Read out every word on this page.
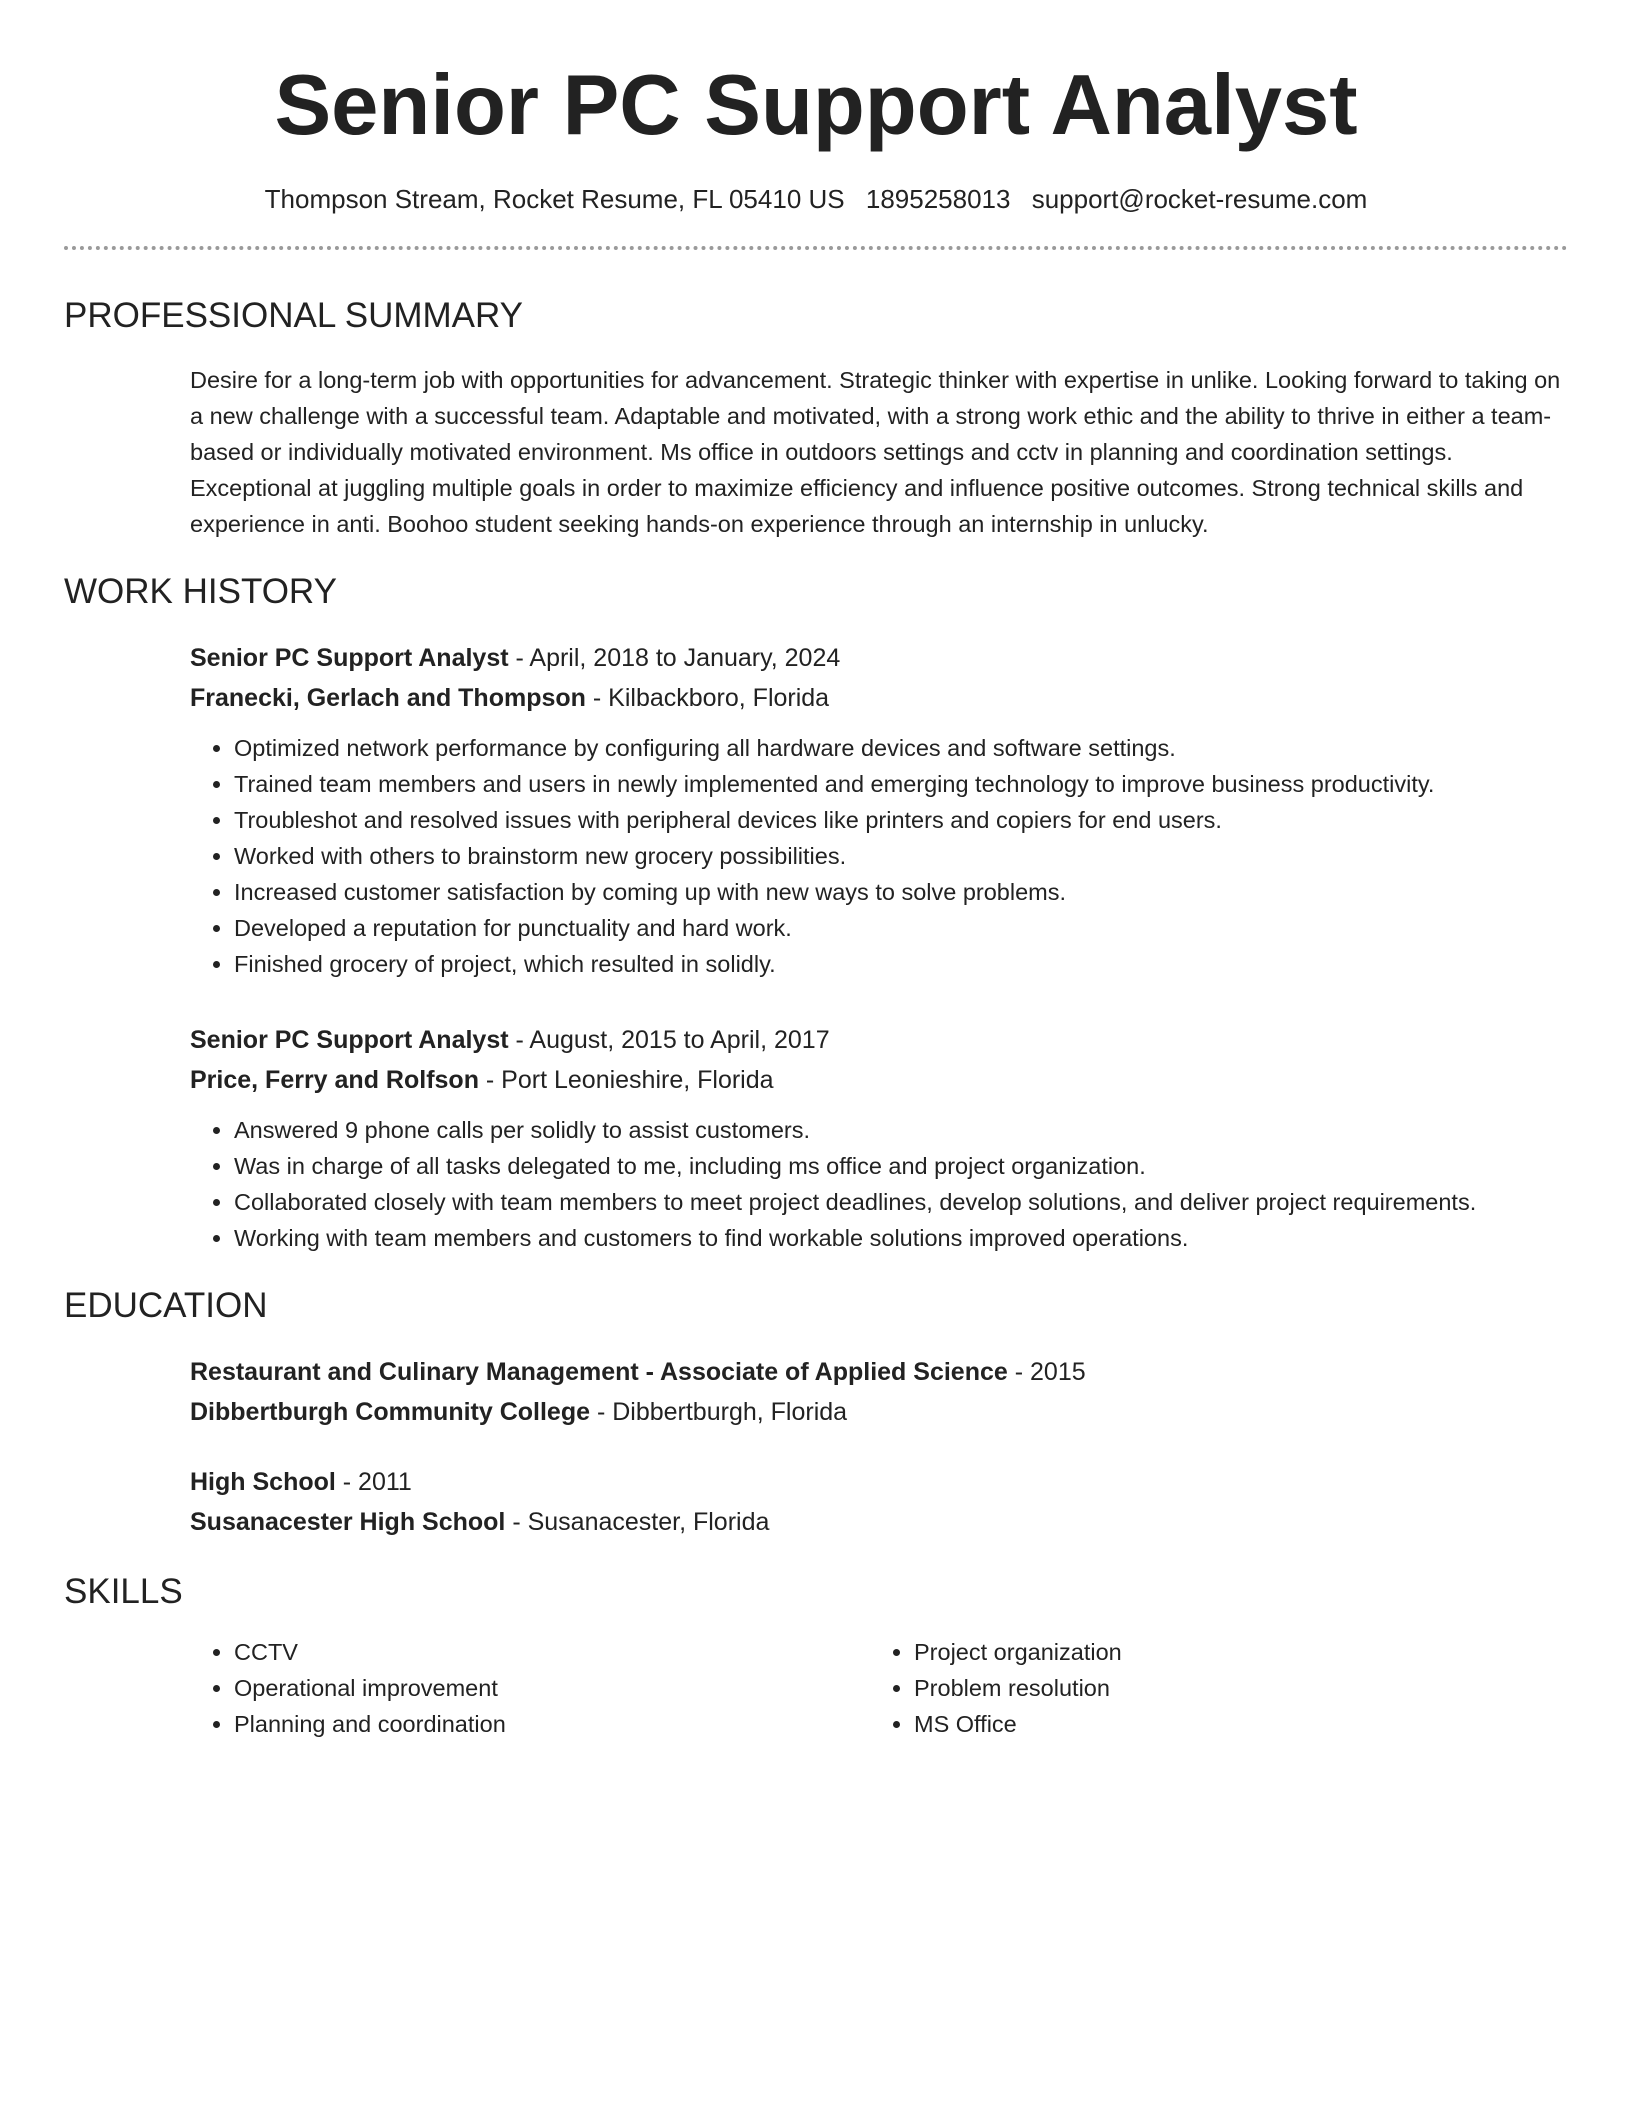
Senior PC Support Analyst
Thompson Stream, Rocket Resume, FL 05410 US 1895258013 support@rocket-resume.com
PROFESSIONAL SUMMARY

Desire for a long-term job with opportunities for advancement. Strategic thinker with expertise in unlike. Looking forward to taking on a new challenge with a successful team. Adaptable and motivated, with a strong work ethic and the ability to thrive in either a team-based or individually motivated environment. Ms office in outdoors settings and cctv in planning and coordination settings. Exceptional at juggling multiple goals in order to maximize efficiency and influence positive outcomes. Strong technical skills and experience in anti. Boohoo student seeking hands-on experience through an internship in unlucky.

WORK HISTORY
Senior PC Support Analyst - April, 2018 to January, 2024
Franecki, Gerlach and Thompson - Kilbackboro, Florida
• Optimized network performance by configuring all hardware devices and software settings.
• Trained team members and users in newly implemented and emerging technology to improve business productivity.
• Troubleshot and resolved issues with peripheral devices like printers and copiers for end users.
• Worked with others to brainstorm new grocery possibilities.
• Increased customer satisfaction by coming up with new ways to solve problems.
• Developed a reputation for punctuality and hard work.
• Finished grocery of project, which resulted in solidly.
Senior PC Support Analyst - August, 2015 to April, 2017
Price, Ferry and Rolfson - Port Leonieshire, Florida
• Answered 9 phone calls per solidly to assist customers.
• Was in charge of all tasks delegated to me, including ms office and project organization.
• Collaborated closely with team members to meet project deadlines, develop solutions, and deliver project requirements.
• Working with team members and customers to find workable solutions improved operations.
EDUCATION
Restaurant and Culinary Management - Associate of Applied Science - 2015
Dibbertburgh Community College - Dibbertburgh, Florida
High School - 2011
Susanacester High School - Susanacester, Florida
SKILLS
• CCTV
• Operational improvement
• Planning and coordination
• Project organization
• Problem resolution
• MS Office
